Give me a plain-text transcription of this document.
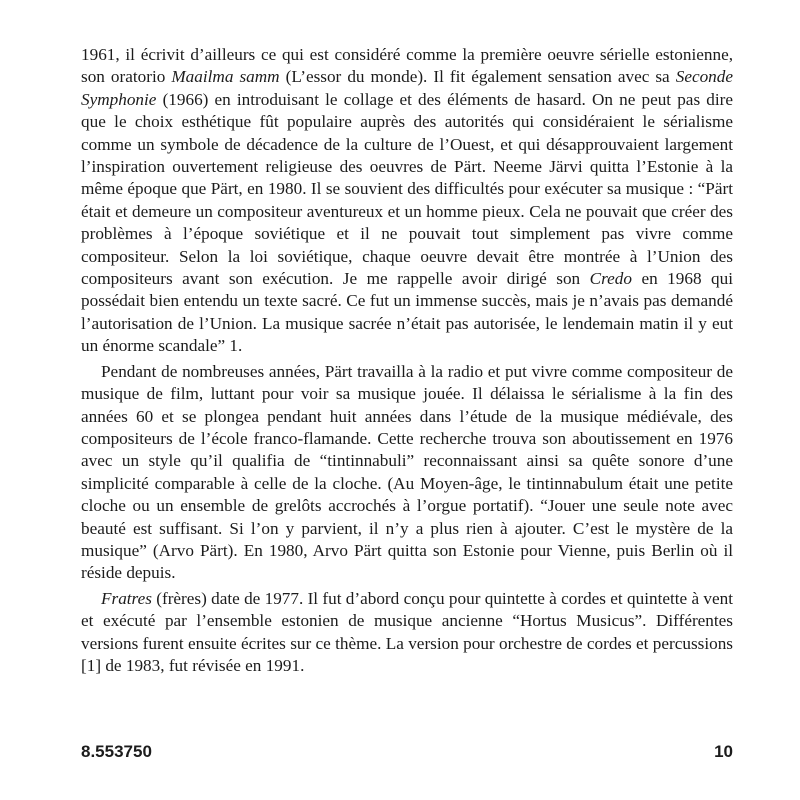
1961, il écrivit d’ailleurs ce qui est considéré comme la première oeuvre sérielle estonienne, son oratorio Maailma samm (L’essor du monde). Il fit également sensation avec sa Seconde Symphonie (1966) en introduisant le collage et des éléments de hasard. On ne peut pas dire que le choix esthétique fût populaire auprès des autorités qui considéraient le sérialisme comme un symbole de décadence de la culture de l’Ouest, et qui désapprouvaient largement l’inspiration ouvertement religieuse des oeuvres de Pärt. Neeme Järvi quitta l’Estonie à la même époque que Pärt, en 1980. Il se souvient des difficultés pour exécuter sa musique : “Pärt était et demeure un compositeur aventureux et un homme pieux. Cela ne pouvait que créer des problèmes à l’époque soviétique et il ne pouvait tout simplement pas vivre comme compositeur. Selon la loi soviétique, chaque oeuvre devait être montrée à l’Union des compositeurs avant son exécution. Je me rappelle avoir dirigé son Credo en 1968 qui possédait bien entendu un texte sacré. Ce fut un immense succès, mais je n’avais pas demandé l’autorisation de l’Union. La musique sacrée n’était pas autorisée, le lendemain matin il y eut un énorme scandale” 1.

Pendant de nombreuses années, Pärt travailla à la radio et put vivre comme compositeur de musique de film, luttant pour voir sa musique jouée. Il délaissa le sérialisme à la fin des années 60 et se plongea pendant huit années dans l’étude de la musique médiévale, des compositeurs de l’école franco-flamande. Cette recherche trouva son aboutissement en 1976 avec un style qu’il qualifia de “tintinnabuli” reconnaissant ainsi sa quête sonore d’une simplicité comparable à celle de la cloche. (Au Moyen-âge, le tintinnabulum était une petite cloche ou un ensemble de grelôts accrochés à l’orgue portatif). “Jouer une seule note avec beauté est suffisant. Si l’on y parvient, il n’y a plus rien à ajouter. C’est le mystère de la musique” (Arvo Pärt). En 1980, Arvo Pärt quitta son Estonie pour Vienne, puis Berlin où il réside depuis.

Fratres (frères) date de 1977. Il fut d’abord conçu pour quintette à cordes et quintette à vent et exécuté par l’ensemble estonien de musique ancienne “Hortus Musicus”. Différentes versions furent ensuite écrites sur ce thème. La version pour orchestre de cordes et percussions [1] de 1983, fut révisée en 1991.

8.553750	10
